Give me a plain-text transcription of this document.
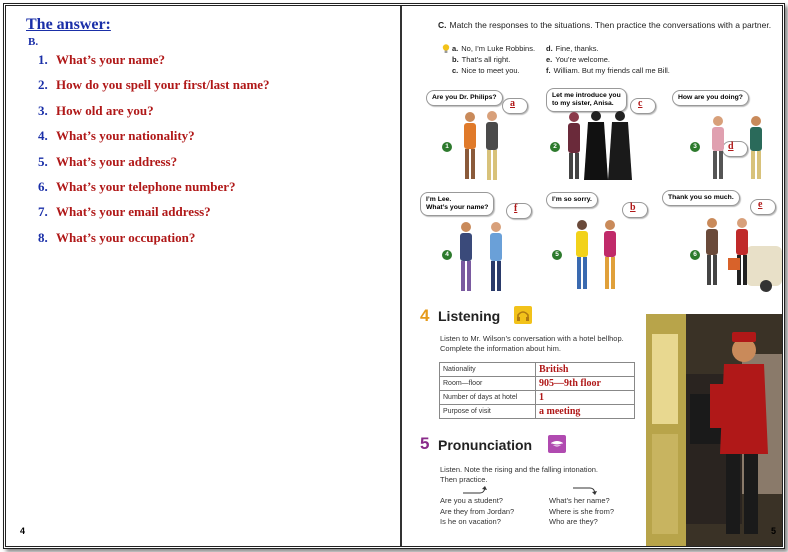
The answer:
B.
1. What’s your name?
2. How do you spell your first/last name?
3. How old are you?
4. What’s your nationality?
5. What’s your address?
6. What’s your telephone number?
7. What’s your email address?
8. What’s your occupation?
4
C. Match the responses to the situations. Then practice the conversations with a partner.
a. No, I’m Luke Robbins.
b. That’s all right.
c. Nice to meet you.
d. Fine, thanks.
e. You’re welcome.
f. William. But my friends call me Bill.
Are you Dr. Philips?
a
1
Let me introduce you
to my sister, Anisa.	c
2
How are you doing?
d
3
I’m Lee.
What’s your name?	f
4
I’m so sorry.
b
5
Thank you so much.
e
6
4 Listening
Listen to Mr. Wilson’s conversation with a hotel bellhop.
Complete the information about him.
Nationality	British
Room—floor	905—9th floor
Number of days at hotel	1
Purpose of visit	a meeting
5 Pronunciation
Listen. Note the rising and the falling intonation.
Then practice.
Are you a student?
Are they from Jordan?
Is he on vacation?
What’s her name?
Where is she from?
Who are they?
5
